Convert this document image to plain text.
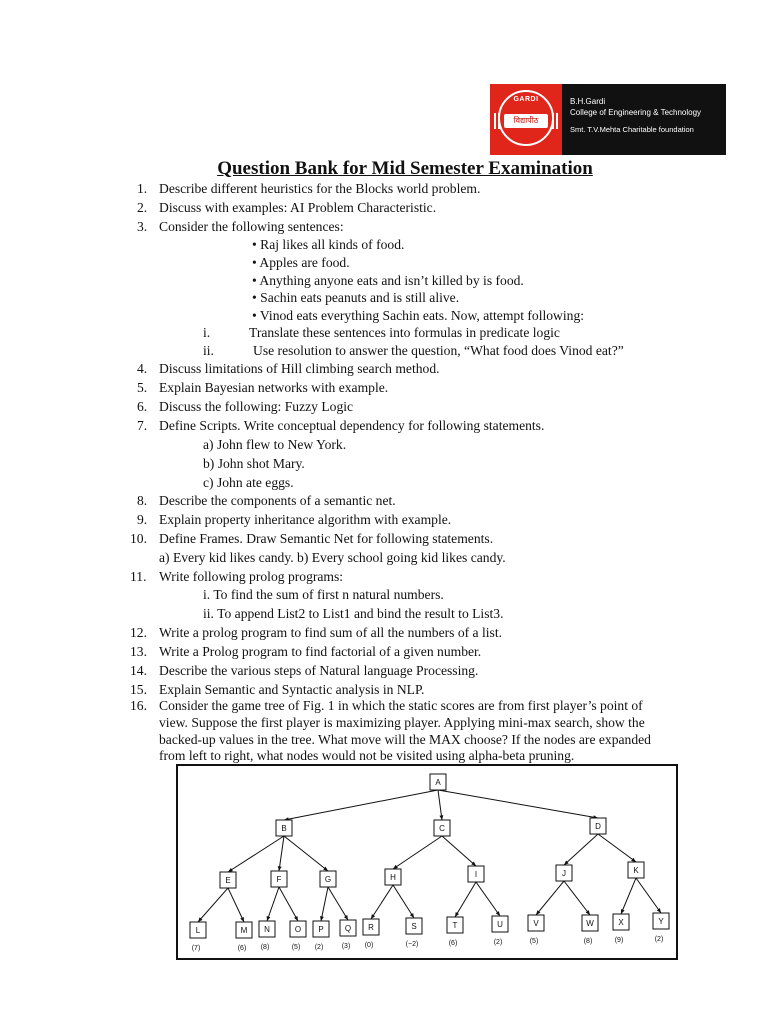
GARDI
विद्यापीठ
B.H.Gardi
College of Engineering & Technology
Smt. T.V.Mehta Charitable foundation
Question Bank for Mid Semester Examination
1. Describe different heuristics for the Blocks world problem.
2. Discuss with examples: AI Problem Characteristic.
3. Consider the following sentences:
• Raj likes all kinds of food.
• Apples are food.
• Anything anyone eats and isn’t killed by is food.
• Sachin eats peanuts and is still alive.
• Vinod eats everything Sachin eats. Now, attempt following:
i.	Translate these sentences into formulas in predicate logic
ii.	Use resolution to answer the question, “What food does Vinod eat?”
4. Discuss limitations of Hill climbing search method.
5. Explain Bayesian networks with example.
6. Discuss the following: Fuzzy Logic
7. Define Scripts. Write conceptual dependency for following statements.
a) John flew to New York.
b) John shot Mary.
c) John ate eggs.
8. Describe the components of a semantic net.
9. Explain property inheritance algorithm with example.
10. Define Frames. Draw Semantic Net for following statements.
a) Every kid likes candy. b) Every school going kid likes candy.
11. Write following prolog programs:
i. To find the sum of first n natural numbers.
ii. To append List2 to List1 and bind the result to List3.
12. Write a prolog program to find sum of all the numbers of a list.
13. Write a Prolog program to find factorial of a given number.
14. Describe the various steps of Natural language Processing.
15. Explain Semantic and Syntactic analysis in NLP.
16. Consider the game tree of Fig. 1 in which the static scores are from first player’s point of
view. Suppose the first player is maximizing player. Applying mini-max search, show the
backed-up values in the tree. What move will the MAX choose? If the nodes are expanded
from left to right, what nodes would not be visited using alpha-beta pruning.
A
B	C	D
E	F	G	H	I	J	K
L
(7)
M
(6)
N
(8)
O
(5)
P
(2)
Q
(3)
R
(0)
S
(−2)
T
(6)
U
(2)
V
(5)
W
(8)
X
(9)
Y
(2)
